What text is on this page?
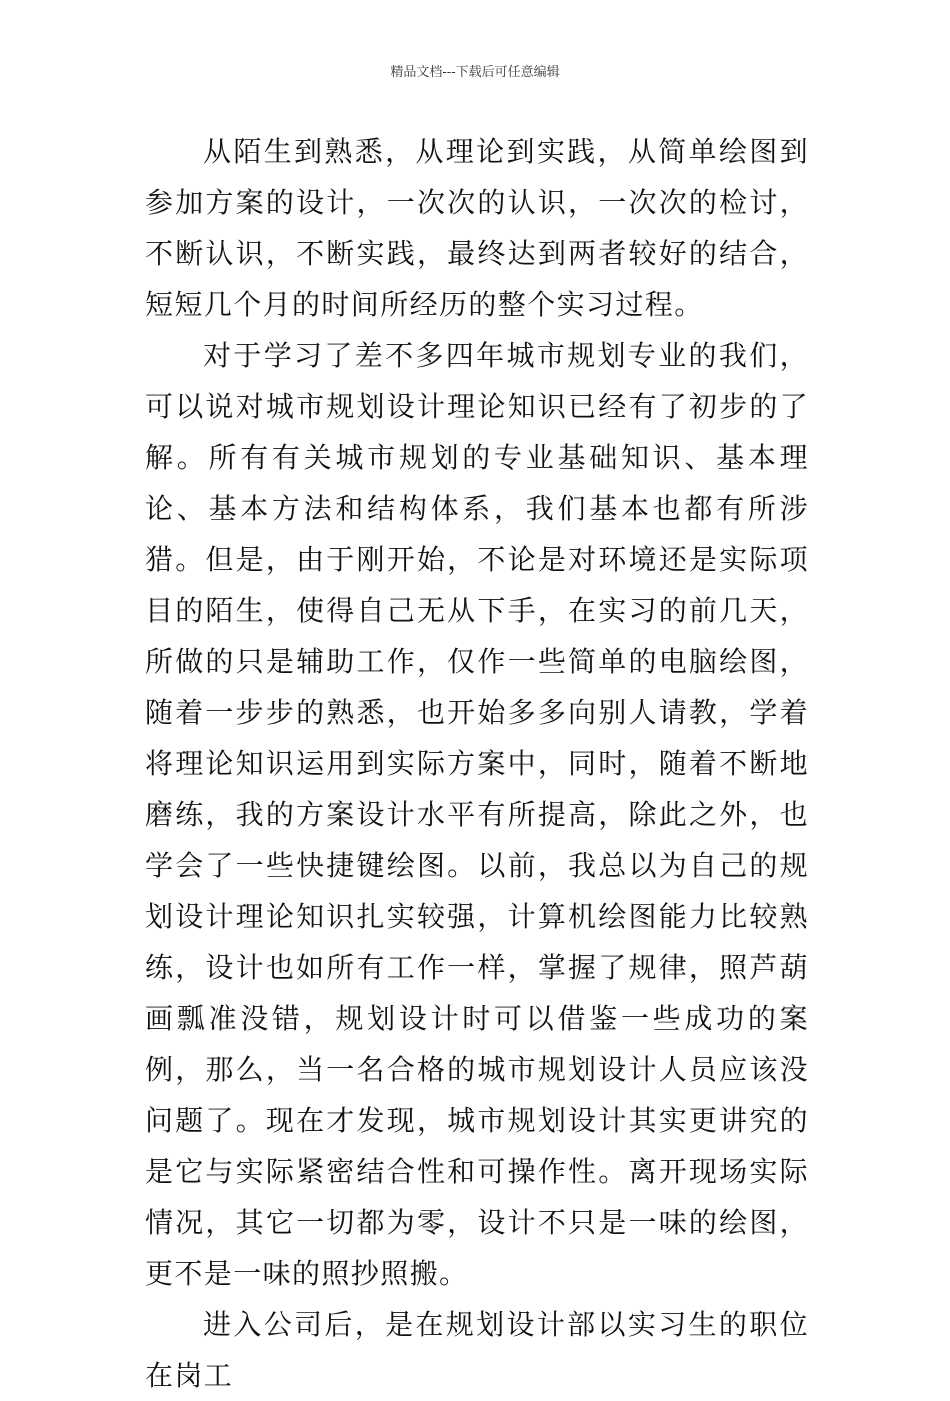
精品文档---下载后可任意编辑

从陌生到熟悉，从理论到实践，从简单绘图到参加方案的设计，一次次的认识，一次次的检讨，不断认识，不断实践，最终达到两者较好的结合，短短几个月的时间所经历的整个实习过程。

对于学习了差不多四年城市规划专业的我们，可以说对城市规划设计理论知识已经有了初步的了解。所有有关城市规划的专业基础知识、基本理论、基本方法和结构体系，我们基本也都有所涉猎。但是，由于刚开始，不论是对环境还是实际项目的陌生，使得自己无从下手，在实习的前几天，所做的只是辅助工作，仅作一些简单的电脑绘图，随着一步步的熟悉，也开始多多向别人请教，学着将理论知识运用到实际方案中，同时，随着不断地磨练，我的方案设计水平有所提高，除此之外，也学会了一些快捷键绘图。以前，我总以为自己的规划设计理论知识扎实较强，计算机绘图能力比较熟练，设计也如所有工作一样，掌握了规律，照芦葫画瓢准没错，规划设计时可以借鉴一些成功的案例，那么，当一名合格的城市规划设计人员应该没问题了。现在才发现，城市规划设计其实更讲究的是它与实际紧密结合性和可操作性。离开现场实际情况，其它一切都为零，设计不只是一味的绘图，更不是一味的照抄照搬。

进入公司后，是在规划设计部以实习生的职位在岗工
